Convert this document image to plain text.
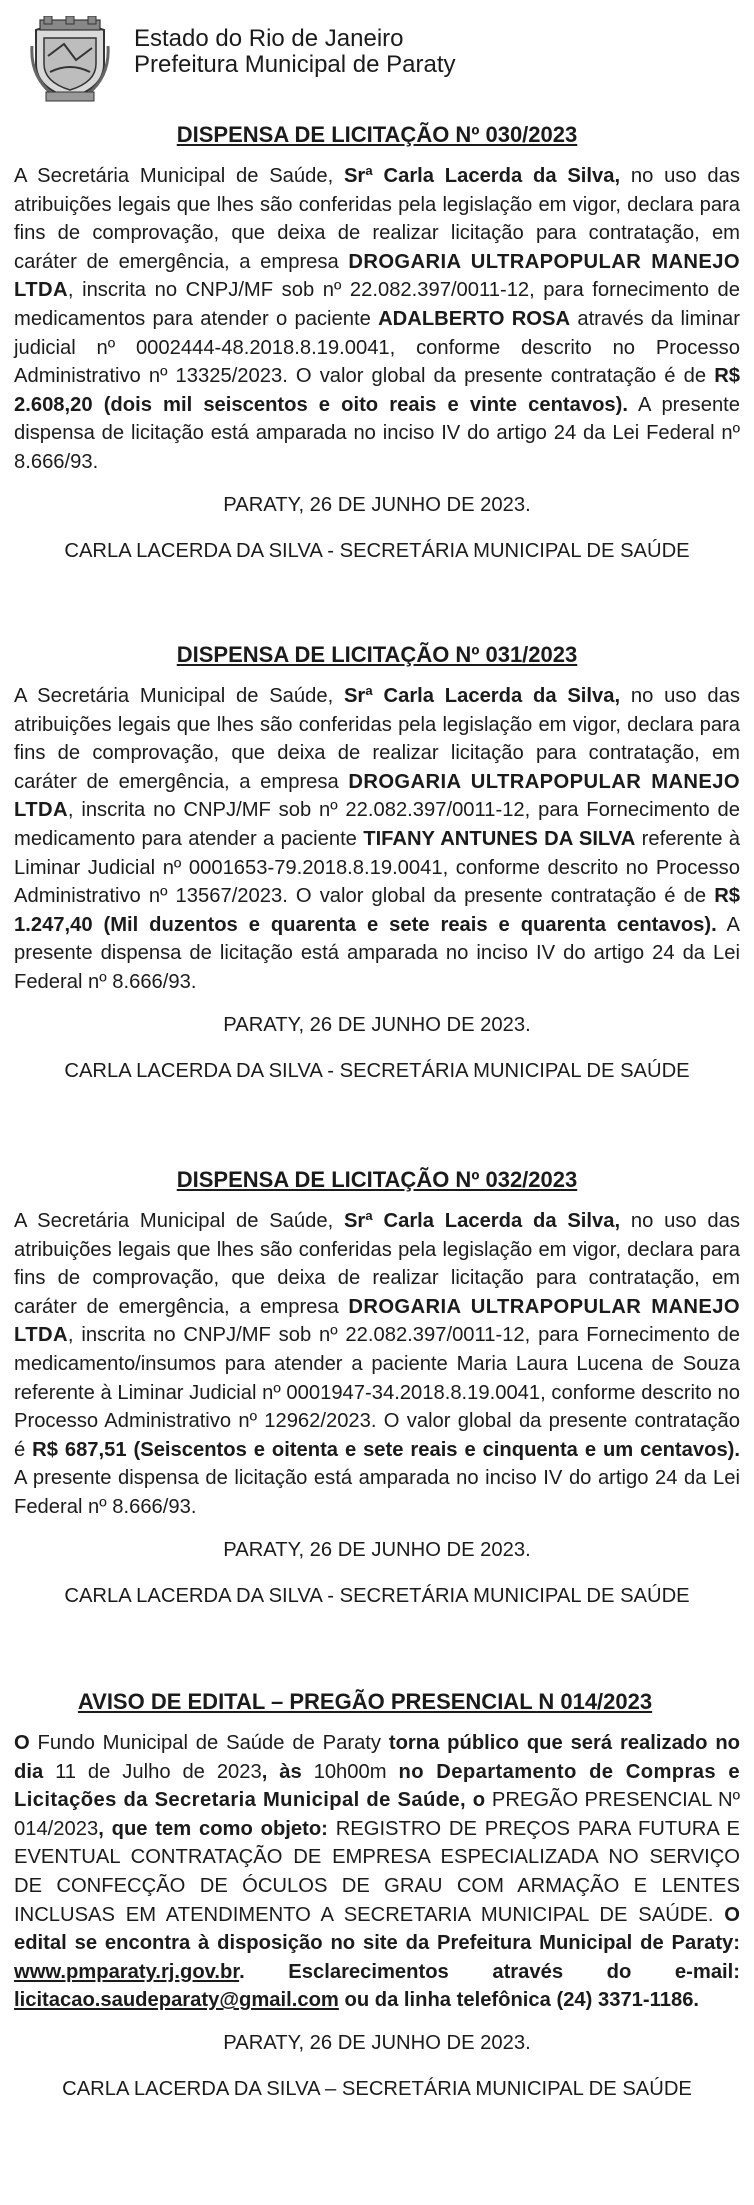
Estado do Rio de Janeiro
Prefeitura Municipal de Paraty
DISPENSA DE LICITAÇÃO Nº 030/2023
A Secretária Municipal de Saúde, Srª Carla Lacerda da Silva, no uso das atribuições legais que lhes são conferidas pela legislação em vigor, declara para fins de comprovação, que deixa de realizar licitação para contratação, em caráter de emergência, a empresa DROGARIA ULTRAPOPULAR MANEJO LTDA, inscrita no CNPJ/MF sob nº 22.082.397/0011-12, para fornecimento de medicamentos para atender o paciente ADALBERTO ROSA através da liminar judicial nº 0002444-48.2018.8.19.0041, conforme descrito no Processo Administrativo nº 13325/2023. O valor global da presente contratação é de R$ 2.608,20 (dois mil seiscentos e oito reais e vinte centavos). A presente dispensa de licitação está amparada no inciso IV do artigo 24 da Lei Federal nº 8.666/93.
PARATY, 26 DE JUNHO DE 2023.
CARLA LACERDA DA SILVA - SECRETÁRIA MUNICIPAL DE SAÚDE
DISPENSA DE LICITAÇÃO Nº 031/2023
A Secretária Municipal de Saúde, Srª Carla Lacerda da Silva, no uso das atribuições legais que lhes são conferidas pela legislação em vigor, declara para fins de comprovação, que deixa de realizar licitação para contratação, em caráter de emergência, a empresa DROGARIA ULTRAPOPULAR MANEJO LTDA, inscrita no CNPJ/MF sob nº 22.082.397/0011-12, para Fornecimento de medicamento para atender a paciente TIFANY ANTUNES DA SILVA referente à Liminar Judicial nº 0001653-79.2018.8.19.0041, conforme descrito no Processo Administrativo nº 13567/2023. O valor global da presente contratação é de R$ 1.247,40 (Mil duzentos e quarenta e sete reais e quarenta centavos). A presente dispensa de licitação está amparada no inciso IV do artigo 24 da Lei Federal nº 8.666/93.
PARATY, 26 DE JUNHO DE 2023.
CARLA LACERDA DA SILVA - SECRETÁRIA MUNICIPAL DE SAÚDE
DISPENSA DE LICITAÇÃO Nº 032/2023
A Secretária Municipal de Saúde, Srª Carla Lacerda da Silva, no uso das atribuições legais que lhes são conferidas pela legislação em vigor, declara para fins de comprovação, que deixa de realizar licitação para contratação, em caráter de emergência, a empresa DROGARIA ULTRAPOPULAR MANEJO LTDA, inscrita no CNPJ/MF sob nº 22.082.397/0011-12, para Fornecimento de medicamento/insumos para atender a paciente Maria Laura Lucena de Souza referente à Liminar Judicial nº 0001947-34.2018.8.19.0041, conforme descrito no Processo Administrativo nº 12962/2023. O valor global da presente contratação é R$ 687,51 (Seiscentos e oitenta e sete reais e cinquenta e um centavos). A presente dispensa de licitação está amparada no inciso IV do artigo 24 da Lei Federal nº 8.666/93.
PARATY, 26 DE JUNHO DE 2023.
CARLA LACERDA DA SILVA - SECRETÁRIA MUNICIPAL DE SAÚDE
AVISO DE EDITAL – PREGÃO PRESENCIAL N 014/2023
O Fundo Municipal de Saúde de Paraty torna público que será realizado no dia 11 de Julho de 2023, às 10h00m no Departamento de Compras e Licitações da Secretaria Municipal de Saúde, o PREGÃO PRESENCIAL Nº 014/2023, que tem como objeto: REGISTRO DE PREÇOS PARA FUTURA E EVENTUAL CONTRATAÇÃO DE EMPRESA ESPECIALIZADA NO SERVIÇO DE CONFECÇÃO DE ÓCULOS DE GRAU COM ARMAÇÃO E LENTES INCLUSAS EM ATENDIMENTO A SECRETARIA MUNICIPAL DE SAÚDE. O edital se encontra à disposição no site da Prefeitura Municipal de Paraty: www.pmparaty.rj.gov.br. Esclarecimentos através do e-mail: licitacao.saudeparaty@gmail.com ou da linha telefônica (24) 3371-1186.
PARATY, 26 DE JUNHO DE 2023.
CARLA LACERDA DA SILVA – SECRETÁRIA MUNICIPAL DE SAÚDE
